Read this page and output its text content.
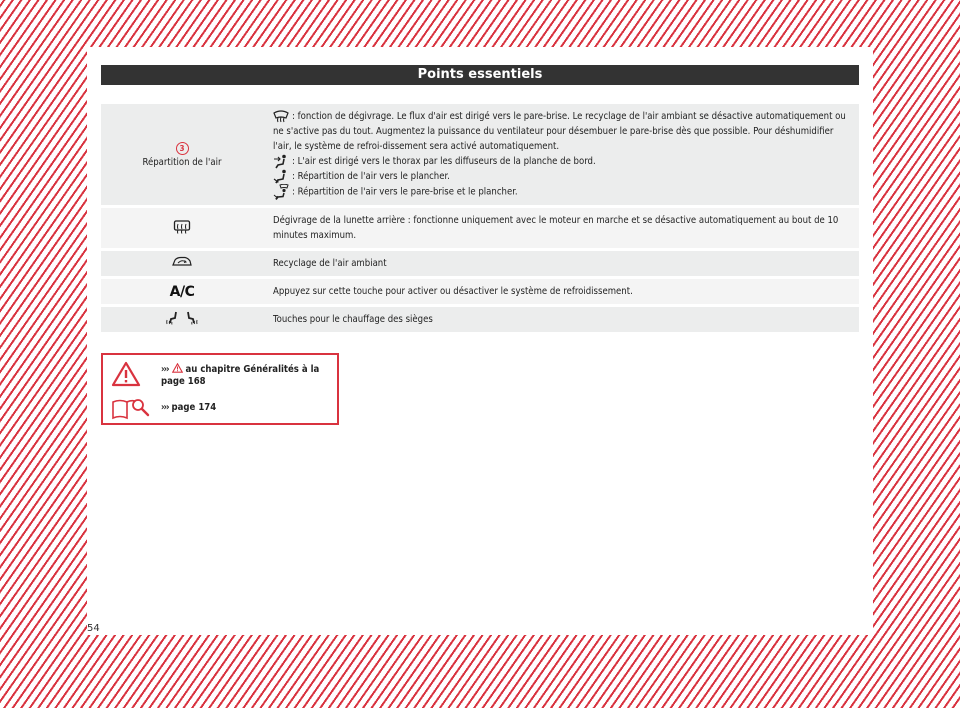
Points essentiels
3
Répartition de l'air	: fonction de dégivrage. Le flux d'air est dirigé vers le pare-brise. Le recyclage de l'air ambiant se désactive automatiquement ou ne s'active pas du tout. Augmentez la puissance du ventilateur pour désembuer le pare-brise dès que possible. Pour déshumidifier l'air, le système de refroi-dissement sera activé automatiquement.
: L'air est dirigé vers le thorax par les diffuseurs de la planche de bord.
: Répartition de l'air vers le plancher.
: Répartition de l'air vers le pare-brise et le plancher.

	Dégivrage de la lunette arrière : fonctionne uniquement avec le moteur en marche et se désactive automatiquement au bout de 10 minutes maximum.
	Recyclage de l'air ambiant
A/C	Appuyez sur cette touche pour activer ou désactiver le système de refroidissement.
	Touches pour le chauffage des sièges

››› au chapitre Généralités à la page 168
››› page 174
54
